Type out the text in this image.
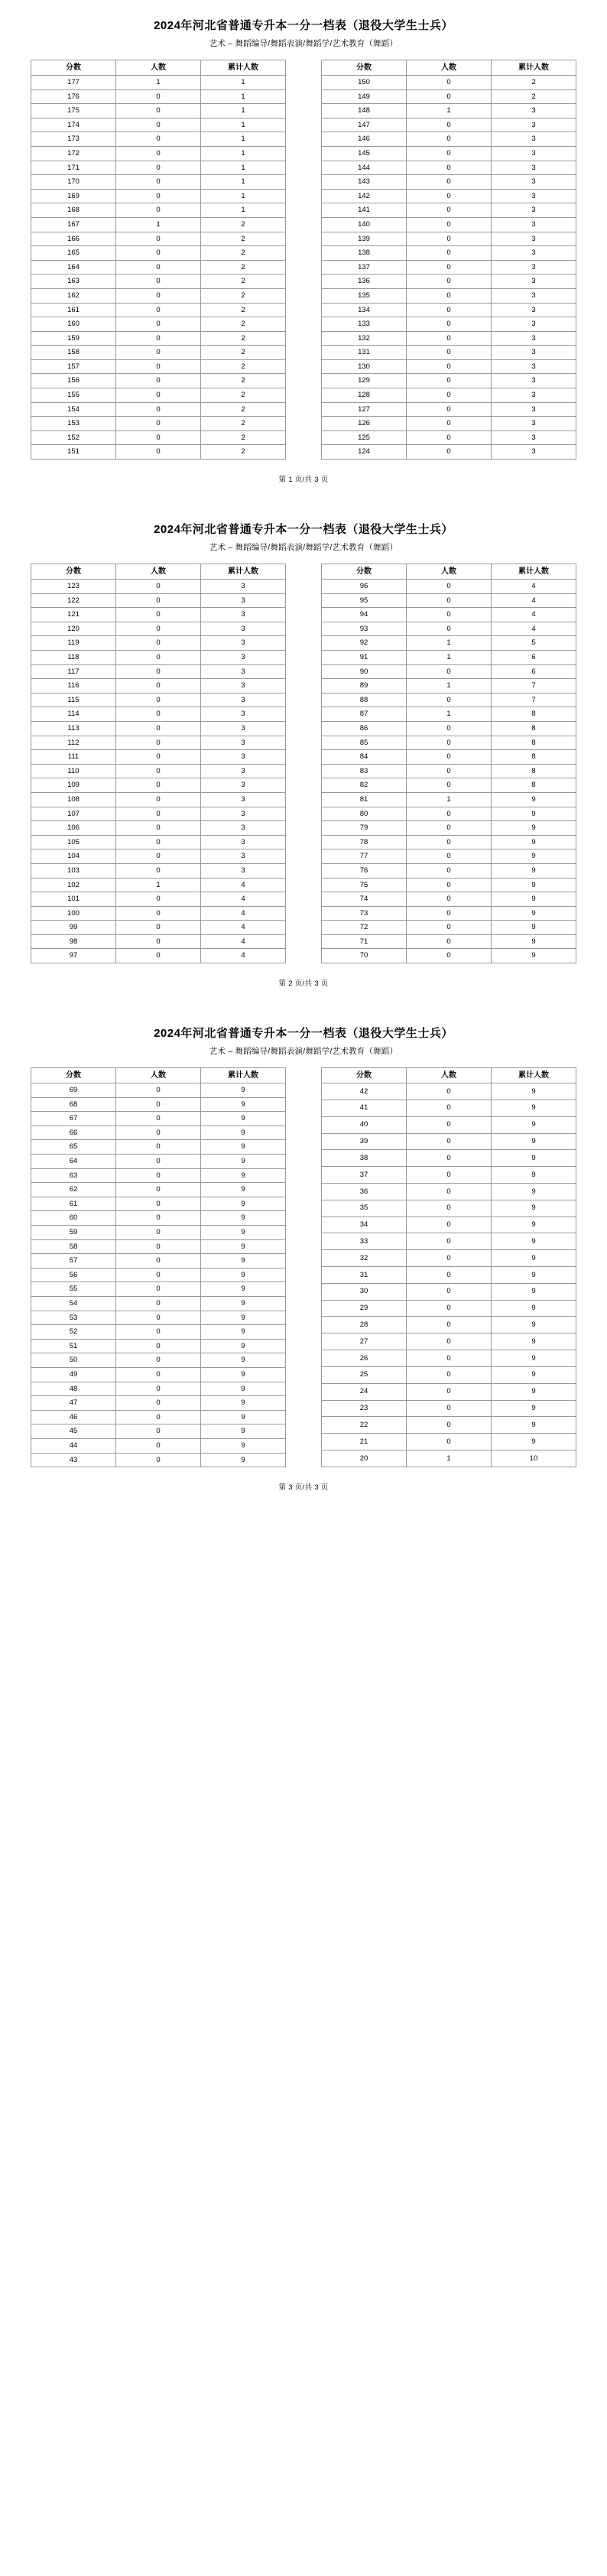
2024年河北省普通专升本一分一档表（退役大学生士兵）
艺术 – 舞蹈编导/舞蹈表演/舞蹈学/艺术教育（舞蹈）
分数	人数	累计人数
177	1	1
176	0	1
175	0	1
174	0	1
173	0	1
172	0	1
171	0	1
170	0	1
169	0	1
168	0	1
167	1	2
166	0	2
165	0	2
164	0	2
163	0	2
162	0	2
161	0	2
160	0	2
159	0	2
158	0	2
157	0	2
156	0	2
155	0	2
154	0	2
153	0	2
152	0	2
151	0	2
分数	人数	累计人数
150	0	2
149	0	2
148	1	3
147	0	3
146	0	3
145	0	3
144	0	3
143	0	3
142	0	3
141	0	3
140	0	3
139	0	3
138	0	3
137	0	3
136	0	3
135	0	3
134	0	3
133	0	3
132	0	3
131	0	3
130	0	3
129	0	3
128	0	3
127	0	3
126	0	3
125	0	3
124	0	3
第 1 页/共 3 页
2024年河北省普通专升本一分一档表（退役大学生士兵）
艺术 – 舞蹈编导/舞蹈表演/舞蹈学/艺术教育（舞蹈）
分数	人数	累计人数
123	0	3
122	0	3
121	0	3
120	0	3
119	0	3
118	0	3
117	0	3
116	0	3
115	0	3
114	0	3
113	0	3
112	0	3
111	0	3
110	0	3
109	0	3
108	0	3
107	0	3
106	0	3
105	0	3
104	0	3
103	0	3
102	1	4
101	0	4
100	0	4
99	0	4
98	0	4
97	0	4
分数	人数	累计人数
96	0	4
95	0	4
94	0	4
93	0	4
92	1	5
91	1	6
90	0	6
89	1	7
88	0	7
87	1	8
86	0	8
85	0	8
84	0	8
83	0	8
82	0	8
81	1	9
80	0	9
79	0	9
78	0	9
77	0	9
76	0	9
75	0	9
74	0	9
73	0	9
72	0	9
71	0	9
70	0	9
第 2 页/共 3 页
2024年河北省普通专升本一分一档表（退役大学生士兵）
艺术 – 舞蹈编导/舞蹈表演/舞蹈学/艺术教育（舞蹈）
分数	人数	累计人数
69	0	9
68	0	9
67	0	9
66	0	9
65	0	9
64	0	9
63	0	9
62	0	9
61	0	9
60	0	9
59	0	9
58	0	9
57	0	9
56	0	9
55	0	9
54	0	9
53	0	9
52	0	9
51	0	9
50	0	9
49	0	9
48	0	9
47	0	9
46	0	9
45	0	9
44	0	9
43	0	9
分数	人数	累计人数
42	0	9
41	0	9
40	0	9
39	0	9
38	0	9
37	0	9
36	0	9
35	0	9
34	0	9
33	0	9
32	0	9
31	0	9
30	0	9
29	0	9
28	0	9
27	0	9
26	0	9
25	0	9
24	0	9
23	0	9
22	0	9
21	0	9
20	1	10
第 3 页/共 3 页
